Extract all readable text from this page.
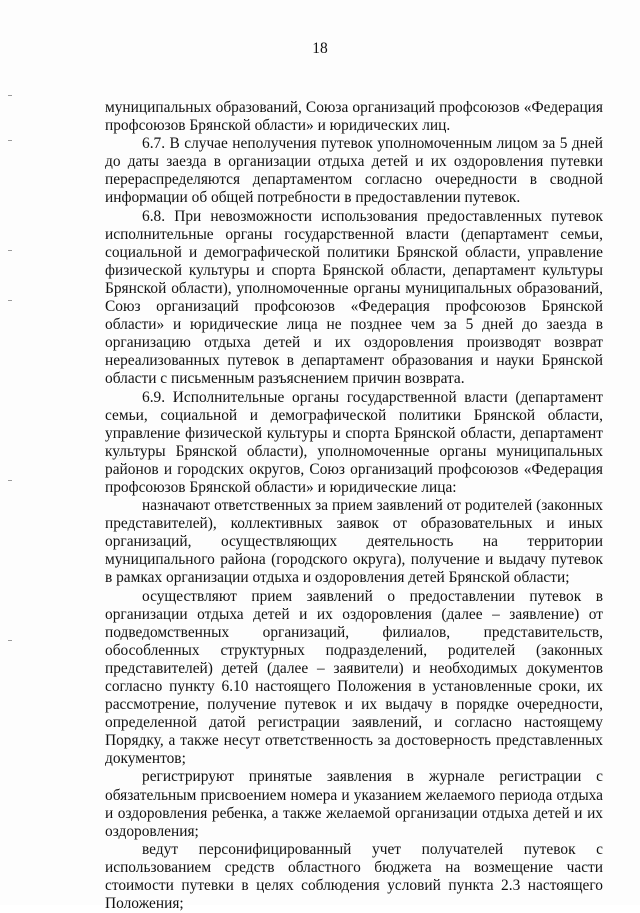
18

муниципальных образований, Союза организаций профсоюзов «Федерация профсоюзов Брянской области» и юридических лиц.

6.7. В случае неполучения путевок уполномоченным лицом за 5 дней до даты заезда в организации отдыха детей и их оздоровления путевки перераспределяются департаментом согласно очередности в сводной информации об общей потребности в предоставлении путевок.

6.8. При невозможности использования предоставленных путевок исполнительные органы государственной власти (департамент семьи, социальной и демографической политики Брянской области, управление физической культуры и спорта Брянской области, департамент культуры Брянской области), уполномоченные органы муниципальных образований, Союз организаций профсоюзов «Федерация профсоюзов Брянской области» и юридические лица не позднее чем за 5 дней до заезда в организацию отдыха детей и их оздоровления производят возврат нереализованных путевок в департамент образования и науки Брянской области с письменным разъяснением причин возврата.

6.9. Исполнительные органы государственной власти (департамент семьи, социальной и демографической политики Брянской области, управление физической культуры и спорта Брянской области, департамент культуры Брянской области), уполномоченные органы муниципальных районов и городских округов, Союз организаций профсоюзов «Федерация профсоюзов Брянской области» и юридические лица:

назначают ответственных за прием заявлений от родителей (законных представителей), коллективных заявок от образовательных и иных организаций, осуществляющих деятельность на территории муниципального района (городского округа), получение и выдачу путевок в рамках организации отдыха и оздоровления детей Брянской области;

осуществляют прием заявлений о предоставлении путевок в организации отдыха детей и их оздоровления (далее – заявление) от подведомственных организаций, филиалов, представительств, обособленных структурных подразделений, родителей (законных представителей) детей (далее – заявители) и необходимых документов согласно пункту 6.10 настоящего Положения в установленные сроки, их рассмотрение, получение путевок и их выдачу в порядке очередности, определенной датой регистрации заявлений, и согласно настоящему Порядку, а также несут ответственность за достоверность представленных документов;

регистрируют принятые заявления в журнале регистрации с обязательным присвоением номера и указанием желаемого периода отдыха и оздоровления ребенка, а также желаемой организации отдыха детей и их оздоровления;

ведут персонифицированный учет получателей путевок с использованием средств областного бюджета на возмещение части стоимости путевки в целях соблюдения условий пункта 2.3 настоящего Положения;
